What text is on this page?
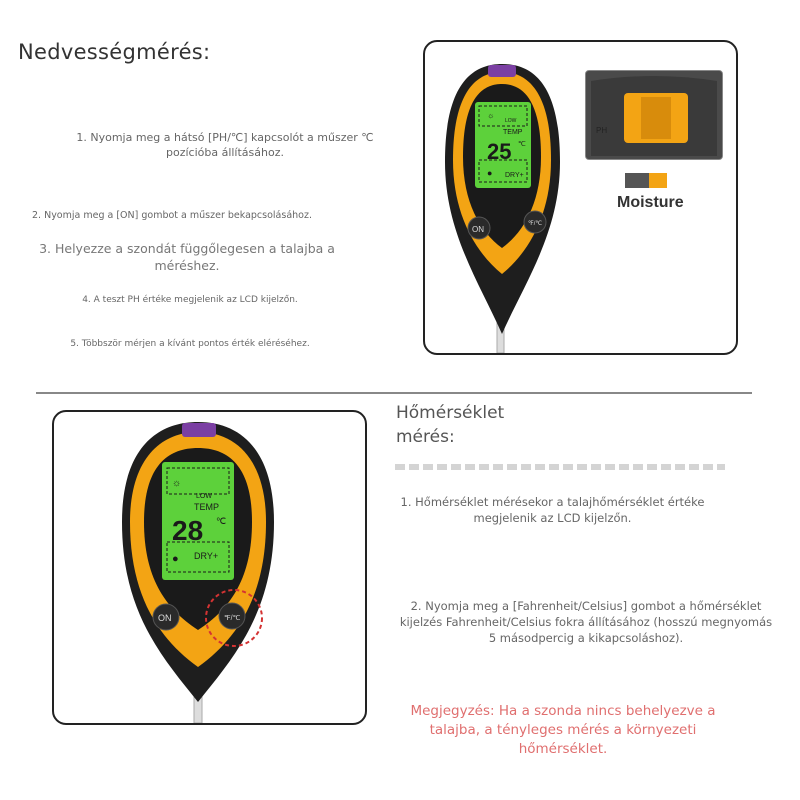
Nedvességmérés:
1. Nyomja meg a hátsó [PH/℃] kapcsolót a műszer ℃ pozícióba állításához.
2. Nyomja meg a [ON] gombot a műszer bekapcsolásához.
3. Helyezze a szondát függőlegesen a talajba a méréshez.
4. A teszt PH értéke megjelenik az LCD kijelzőn.
5. Többször mérjen a kívánt pontos érték eléréséhez.
☼
LOW
TEMP
25 ℃
● DRY+
ON
℉/℃
PH
Moisture
☼
LOW
TEMP
28 ℃
● DRY+
ON	℉/℃
Hőmérséklet mérés:
1. Hőmérséklet mérésekor a talajhőmérséklet értéke megjelenik az LCD kijelzőn.
2. Nyomja meg a [Fahrenheit/Celsius] gombot a hőmérséklet kijelzés Fahrenheit/Celsius fokra állításához (hosszú megnyomás 5 másodpercig a kikapcsoláshoz).
Megjegyzés: Ha a szonda nincs behelyezve a talajba, a tényleges mérés a környezeti hőmérséklet.
